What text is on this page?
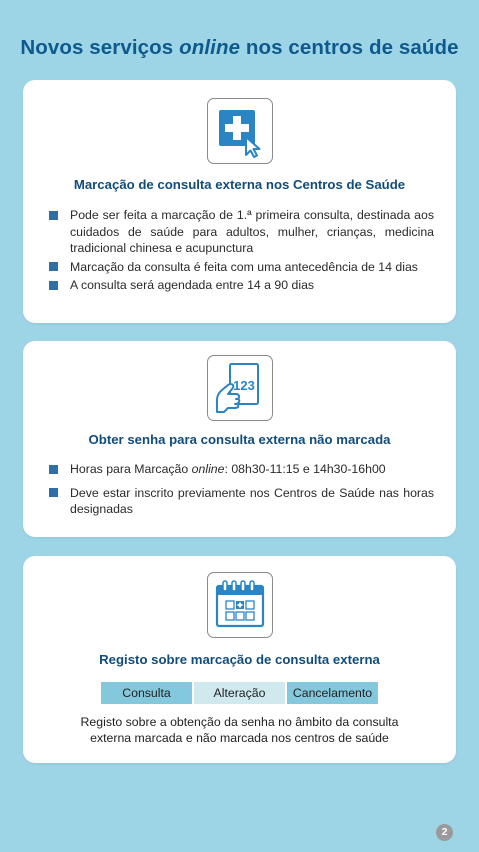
Novos serviços online nos centros de saúde
Marcação de consulta externa nos Centros de Saúde
Pode ser feita a marcação de 1.ª primeira consulta, destinada aos cuidados de saúde para adultos, mulher, crianças, medicina tradicional chinesa e acupunctura
Marcação da consulta é feita com uma antecedência de 14 dias
A consulta será agendada entre 14 a 90 dias
123
Obter senha para consulta externa não marcada
Horas para Marcação online: 08h30-11:15 e 14h30-16h00
Deve estar inscrito previamente nos Centros de Saúde nas horas designadas
Registo sobre marcação de consulta externa
Consulta	Alteração	Cancelamento
Registo sobre a obtenção da senha no âmbito da consulta
externa marcada e não marcada nos centros de saúde
2
